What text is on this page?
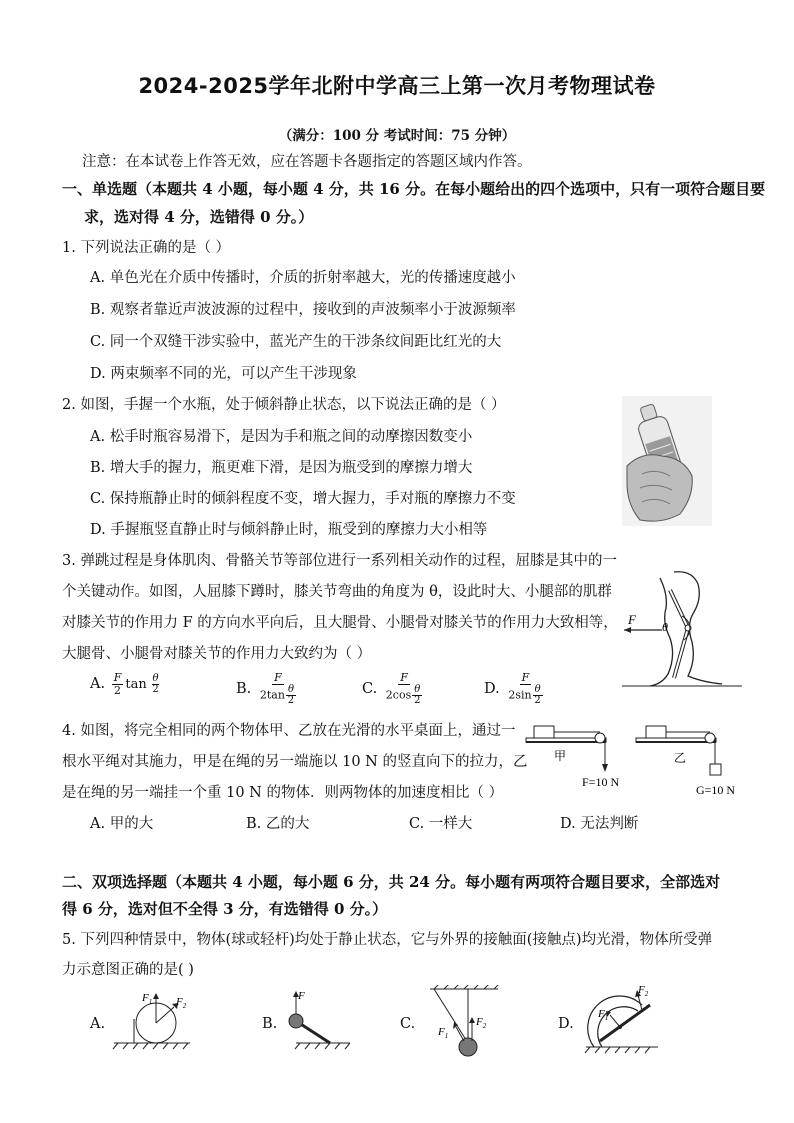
2024-2025学年北附中学高三上第一次月考物理试卷
（满分：100 分 考试时间：75 分钟）
注意：在本试卷上作答无效，应在答题卡各题指定的答题区域内作答。
一、单选题（本题共 4 小题，每小题 4 分，共 16 分。在每小题给出的四个选项中，只有一项符合题目要
求，选对得 4 分，选错得 0 分。）
1. 下列说法正确的是（ ）
A. 单色光在介质中传播时，介质的折射率越大，光的传播速度越小
B. 观察者靠近声波波源的过程中，接收到的声波频率小于波源频率
C. 同一个双缝干涉实验中，蓝光产生的干涉条纹间距比红光的大
D. 两束频率不同的光，可以产生干涉现象
2. 如图，手握一个水瓶，处于倾斜静止状态，以下说法正确的是（ ）
A. 松手时瓶容易滑下，是因为手和瓶之间的动摩擦因数变小
B. 增大手的握力，瓶更难下滑，是因为瓶受到的摩擦力增大
C. 保持瓶静止时的倾斜程度不变，增大握力，手对瓶的摩擦力不变
D. 手握瓶竖直静止时与倾斜静止时，瓶受到的摩擦力大小相等
3. 弹跳过程是身体肌肉、骨骼关节等部位进行一系列相关动作的过程，屈膝是其中的一
个关键动作。如图，人屈膝下蹲时，膝关节弯曲的角度为 θ，设此时大、小腿部的肌群
对膝关节的作用力 F 的方向水平向后，且大腿骨、小腿骨对膝关节的作用力大致相等，
大腿骨、小腿骨对膝关节的作用力大致约为（ ）
A. $\frac{F}{2}$ $\tan \frac{\theta}{2}$	B. $\frac{F}{2\tan \frac{\theta}{2}}$	C. $\frac{F}{2\cos \frac{\theta}{2}}$	D. $\frac{F}{2\sin \frac{\theta}{2}}$
F θ
4. 如图，将完全相同的两个物体甲、乙放在光滑的水平桌面上，通过一
根水平绳对其施力，甲是在绳的另一端施以 10 N 的竖直向下的拉力，乙
是在绳的另一端挂一个重 10 N 的物体．则两物体的加速度相比（ ）
A. 甲的大	B. 乙的大	C. 一样大	D. 无法判断
甲
F=10 N
乙
G=10 N
二、双项选择题（本题共 4 小题，每小题 6 分，共 24 分。每小题有两项符合题目要求，全部选对
得 6 分，选对但不全得 3 分，有选错得 0 分。）
5. 下列四种情景中，物体(球或轻杆)均处于静止状态，它与外界的接触面(接触点)均光滑，物体所受弹
力示意图正确的是( )
A.	B.	C.	D.
$F_1$ $F_2$
F
$F_1$
$F_2$
$F_1$
$F_2$
